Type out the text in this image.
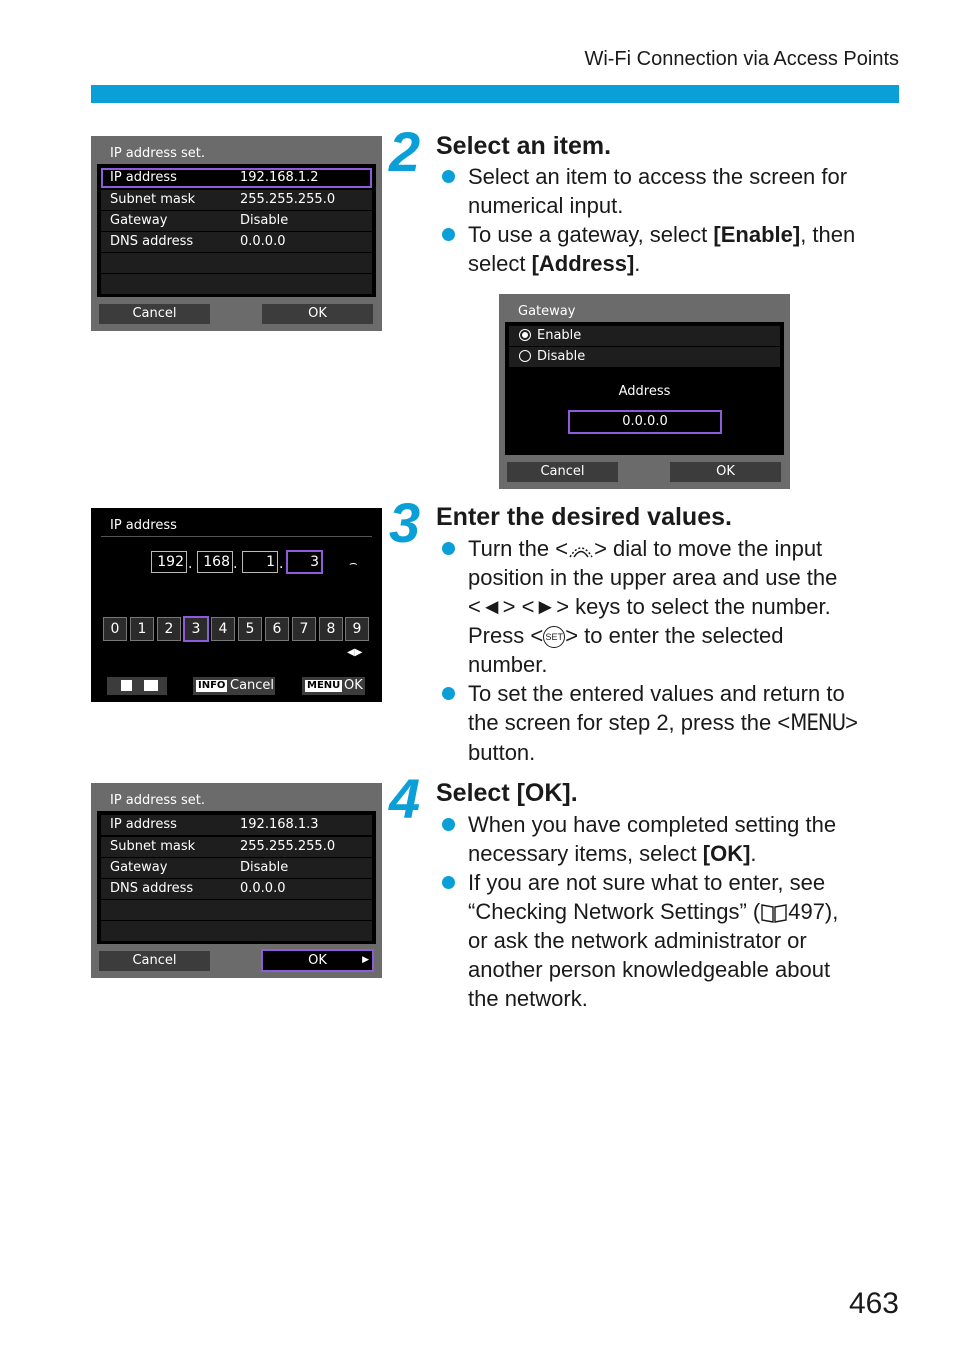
Wi-Fi Connection via Access Points
IP address set.
IP address	192.168.1.2
Subnet mask	255.255.255.0
Gateway	Disable
DNS address	0.0.0.0
Cancel	OK
2 Select an item.
Select an item to access the screen for
numerical input.
To use a gateway, select [Enable], then
select [Address].
Gateway
Enable
Disable
Address
0.0.0.0
Cancel	OK
IP address
192 . 168 .	1 .	3	⌢
0	1	2	3	4	5	6	7	8	9
◀▶
INFO Cancel	MENU OK
3 Enter the desired values.
Turn the < > dial to move the input
position in the upper area and use the
<◄> <►> keys to select the number.
Press < SET > to enter the selected
number.
To set the entered values and return to
the screen for step 2, press the <MENU>
button.
IP address set.
IP address	192.168.1.3
Subnet mask	255.255.255.0
Gateway	Disable
DNS address	0.0.0.0
Cancel	OK	▶
4 Select [OK].
When you have completed setting the
necessary items, select [OK].
If you are not sure what to enter, see
“Checking Network Settings” ( 497),
or ask the network administrator or
another person knowledgeable about
the network.
463
